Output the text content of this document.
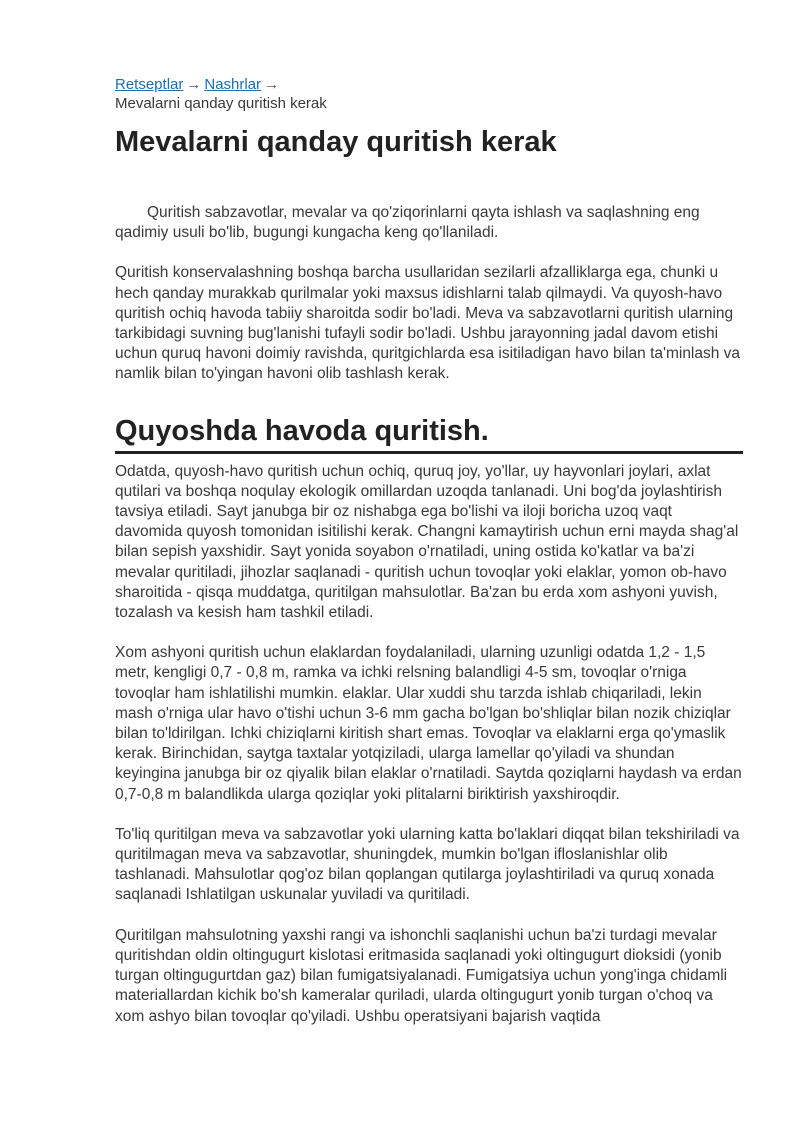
Retseptlar → Nashrlar →
Mevalarni qanday quritish kerak
Mevalarni qanday quritish kerak

Quritish sabzavotlar, mevalar va qo'ziqorinlarni qayta ishlash va saqlashning eng qadimiy usuli bo'lib, bugungi kungacha keng qo'llaniladi.

Quritish konservalashning boshqa barcha usullaridan sezilarli afzalliklarga ega, chunki u hech qanday murakkab qurilmalar yoki maxsus idishlarni talab qilmaydi. Va quyosh-havo quritish ochiq havoda tabiiy sharoitda sodir bo'ladi. Meva va sabzavotlarni quritish ularning tarkibidagi suvning bug'lanishi tufayli sodir bo'ladi. Ushbu jarayonning jadal davom etishi uchun quruq havoni doimiy ravishda, quritgichlarda esa isitiladigan havo bilan ta'minlash va namlik bilan to'yingan havoni olib tashlash kerak.

Quyoshda havoda quritish.

Odatda, quyosh-havo quritish uchun ochiq, quruq joy, yo'llar, uy hayvonlari joylari, axlat qutilari va boshqa noqulay ekologik omillardan uzoqda tanlanadi. Uni bog'da joylashtirish tavsiya etiladi. Sayt janubga bir oz nishabga ega bo'lishi va iloji boricha uzoq vaqt davomida quyosh tomonidan isitilishi kerak. Changni kamaytirish uchun erni mayda shag'al bilan sepish yaxshidir. Sayt yonida soyabon o'rnatiladi, uning ostida ko'katlar va ba'zi mevalar quritiladi, jihozlar saqlanadi - quritish uchun tovoqlar yoki elaklar, yomon ob-havo sharoitida - qisqa muddatga, quritilgan mahsulotlar. Ba'zan bu erda xom ashyoni yuvish, tozalash va kesish ham tashkil etiladi.

Xom ashyoni quritish uchun elaklardan foydalaniladi, ularning uzunligi odatda 1,2 - 1,5 metr, kengligi 0,7 - 0,8 m, ramka va ichki relsning balandligi 4-5 sm, tovoqlar o'rniga tovoqlar ham ishlatilishi mumkin. elaklar. Ular xuddi shu tarzda ishlab chiqariladi, lekin mash o'rniga ular havo o'tishi uchun 3-6 mm gacha bo'lgan bo'shliqlar bilan nozik chiziqlar bilan to'ldirilgan. Ichki chiziqlarni kiritish shart emas. Tovoqlar va elaklarni erga qo'ymaslik kerak. Birinchidan, saytga taxtalar yotqiziladi, ularga lamellar qo'yiladi va shundan keyingina janubga bir oz qiyalik bilan elaklar o'rnatiladi. Saytda qoziqlarni haydash va erdan 0,7-0,8 m balandlikda ularga qoziqlar yoki plitalarni biriktirish yaxshiroqdir.

To'liq quritilgan meva va sabzavotlar yoki ularning katta bo'laklari diqqat bilan tekshiriladi va quritilmagan meva va sabzavotlar, shuningdek, mumkin bo'lgan ifloslanishlar olib tashlanadi. Mahsulotlar qog'oz bilan qoplangan qutilarga joylashtiriladi va quruq xonada saqlanadi Ishlatilgan uskunalar yuviladi va quritiladi.

Quritilgan mahsulotning yaxshi rangi va ishonchli saqlanishi uchun ba'zi turdagi mevalar quritishdan oldin oltingugurt kislotasi eritmasida saqlanadi yoki oltingugurt dioksidi (yonib turgan oltingugurtdan gaz) bilan fumigatsiyalanadi. Fumigatsiya uchun yong'inga chidamli materiallardan kichik bo'sh kameralar quriladi, ularda oltingugurt yonib turgan o'choq va xom ashyo bilan tovoqlar qo'yiladi. Ushbu operatsiyani bajarish vaqtida
